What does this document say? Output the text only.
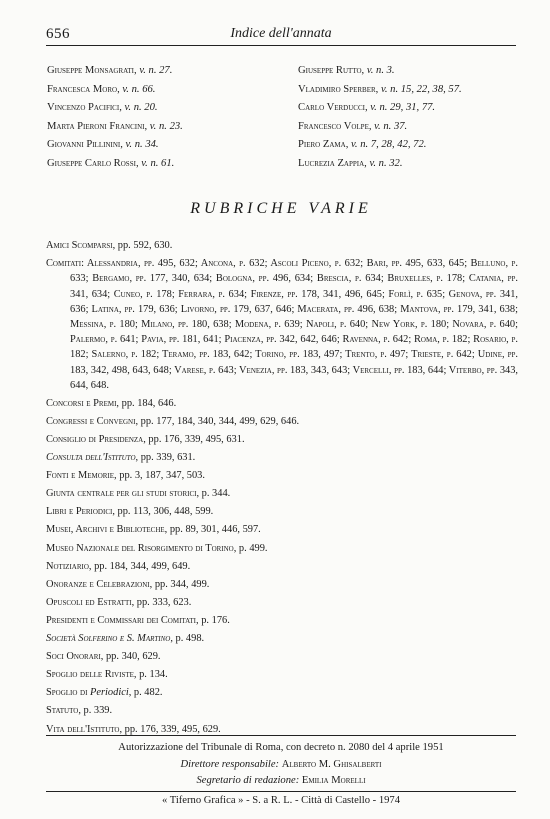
656	Indice dell'annata
Giuseppe Monsagrati, v. n. 27.
Francesca Moro, v. n. 66.
Vincenzo Pacifici, v. n. 20.
Marta Pieroni Francini, v. n. 23.
Giovanni Pillinini, v. n. 34.
Giuseppe Carlo Rossi, v. n. 61.
Giuseppe Rutto, v. n. 3.
Vladimiro Sperber, v. n. 15, 22, 38, 57.
Carlo Verducci, v. n. 29, 31, 77.
Francesco Volpe, v. n. 37.
Piero Zama, v. n. 7, 28, 42, 72.
Lucrezia Zappia, v. n. 32.
RUBRICHE VARIE
Amici Scomparsi, pp. 592, 630.
Comitati: Alessandria, pp. 495, 632; Ancona, p. 632; Ascoli Piceno, p. 632; Bari, pp. 495, 633, 645; Belluno, p. 633; Bergamo, pp. 177, 340, 634; Bologna, pp. 496, 634; Brescia, p. 634; Bruxelles, p. 178; Catania, pp. 341, 634; Cuneo, p. 178; Ferrara, p. 634; Firenze, pp. 178, 341, 496, 645; Forlì, p. 635; Genova, pp. 341, 636; Latina, pp. 179, 636; Livorno, pp. 179, 637, 646; Macerata, pp. 496, 638; Mantova, pp. 179, 341, 638; Messina, p. 180; Milano, pp. 180, 638; Modena, p. 639; Napoli, p. 640; New York, p. 180; Novara, p. 640; Palermo, p. 641; Pavia, pp. 181, 641; Piacenza, pp. 342, 642, 646; Ravenna, p. 642; Roma, p. 182; Rosario, p. 182; Salerno, p. 182; Teramo, pp. 183, 642; Torino, pp. 183, 497; Trento, p. 497; Trieste, p. 642; Udine, pp. 183, 342, 498, 643, 648; Varese, p. 643; Venezia, pp. 183, 343, 643; Vercelli, pp. 183, 644; Viterbo, pp. 343, 644, 648.
Concorsi e Premi, pp. 184, 646.
Congressi e Convegni, pp. 177, 184, 340, 344, 499, 629, 646.
Consiglio di Presidenza, pp. 176, 339, 495, 631.
Consulta dell'Istituto, pp. 339, 631.
Fonti e Memorie, pp. 3, 187, 347, 503.
Giunta centrale per gli studi storici, p. 344.
Libri e Periodici, pp. 113, 306, 448, 599.
Musei, Archivi e Biblioteche, pp. 89, 301, 446, 597.
Museo Nazionale del Risorgimento di Torino, p. 499.
Notiziario, pp. 184, 344, 499, 649.
Onoranze e Celebrazioni, pp. 344, 499.
Opuscoli ed Estratti, pp. 333, 623.
Presidenti e Commissari dei Comitati, p. 176.
Società Solferino e S. Martino, p. 498.
Soci Onorari, pp. 340, 629.
Spoglio delle Riviste, p. 134.
Spoglio di Periodici, p. 482.
Statuto, p. 339.
Vita dell'Istituto, pp. 176, 339, 495, 629.
Autorizzazione del Tribunale di Roma, con decreto n. 2080 del 4 aprile 1951
Direttore responsabile: Alberto M. Ghisalberti
Segretario di redazione: Emilia Morelli
« Tiferno Grafica » - S. a R. L. - Città di Castello - 1974
